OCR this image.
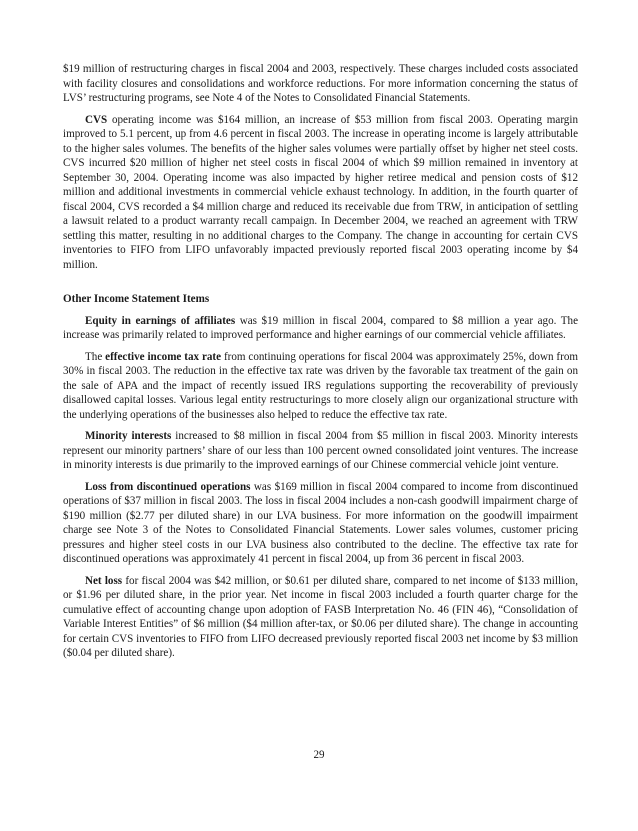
$19 million of restructuring charges in fiscal 2004 and 2003, respectively. These charges included costs associated with facility closures and consolidations and workforce reductions. For more information concerning the status of LVS’ restructuring programs, see Note 4 of the Notes to Consolidated Financial Statements.

CVS operating income was $164 million, an increase of $53 million from fiscal 2003. Operating margin improved to 5.1 percent, up from 4.6 percent in fiscal 2003. The increase in operating income is largely attributable to the higher sales volumes. The benefits of the higher sales volumes were partially offset by higher net steel costs. CVS incurred $20 million of higher net steel costs in fiscal 2004 of which $9 million remained in inventory at September 30, 2004. Operating income was also impacted by higher retiree medical and pension costs of $12 million and additional investments in commercial vehicle exhaust technology. In addition, in the fourth quarter of fiscal 2004, CVS recorded a $4 million charge and reduced its receivable due from TRW, in anticipation of settling a lawsuit related to a product warranty recall campaign. In December 2004, we reached an agreement with TRW settling this matter, resulting in no additional charges to the Company. The change in accounting for certain CVS inventories to FIFO from LIFO unfavorably impacted previously reported fiscal 2003 operating income by $4 million.

Other Income Statement Items

Equity in earnings of affiliates was $19 million in fiscal 2004, compared to $8 million a year ago. The increase was primarily related to improved performance and higher earnings of our commercial vehicle affiliates.

The effective income tax rate from continuing operations for fiscal 2004 was approximately 25%, down from 30% in fiscal 2003. The reduction in the effective tax rate was driven by the favorable tax treatment of the gain on the sale of APA and the impact of recently issued IRS regulations supporting the recoverability of previously disallowed capital losses. Various legal entity restructurings to more closely align our organizational structure with the underlying operations of the businesses also helped to reduce the effective tax rate.

Minority interests increased to $8 million in fiscal 2004 from $5 million in fiscal 2003. Minority interests represent our minority partners’ share of our less than 100 percent owned consolidated joint ventures. The increase in minority interests is due primarily to the improved earnings of our Chinese commercial vehicle joint venture.

Loss from discontinued operations was $169 million in fiscal 2004 compared to income from discontinued operations of $37 million in fiscal 2003. The loss in fiscal 2004 includes a non-cash goodwill impairment charge of $190 million ($2.77 per diluted share) in our LVA business. For more information on the goodwill impairment charge see Note 3 of the Notes to Consolidated Financial Statements. Lower sales volumes, customer pricing pressures and higher steel costs in our LVA business also contributed to the decline. The effective tax rate for discontinued operations was approximately 41 percent in fiscal 2004, up from 36 percent in fiscal 2003.

Net loss for fiscal 2004 was $42 million, or $0.61 per diluted share, compared to net income of $133 million, or $1.96 per diluted share, in the prior year. Net income in fiscal 2003 included a fourth quarter charge for the cumulative effect of accounting change upon adoption of FASB Interpretation No. 46 (FIN 46), “Consolidation of Variable Interest Entities” of $6 million ($4 million after-tax, or $0.06 per diluted share). The change in accounting for certain CVS inventories to FIFO from LIFO decreased previously reported fiscal 2003 net income by $3 million ($0.04 per diluted share).

29
